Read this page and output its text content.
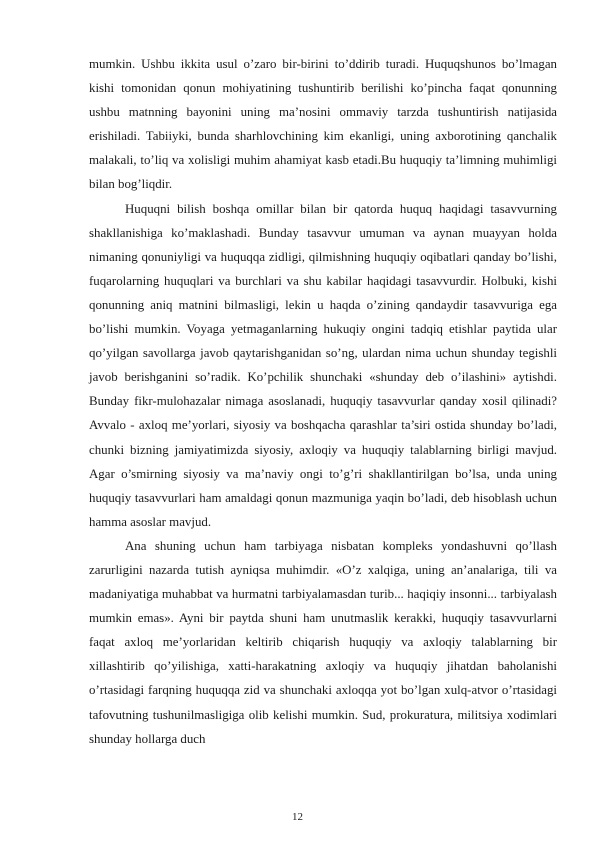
mumkin. Ushbu ikkita usul o’zaro bir-birini to’ddirib turadi. Huquqshunos bo’lmagan kishi tomonidan qonun mohiyatining tushuntirib berilishi ko’pincha faqat qonunning ushbu matnning bayonini uning ma’nosini ommaviy tarzda tushuntirish natijasida erishiladi. Tabiiyki, bunda sharhlovchining kim ekanligi, uning axborotining qanchalik malakali, to’liq va xolisligi muhim ahamiyat kasb etadi.Bu huquqiy ta’limning muhimligi bilan bog’liqdir.

Huquqni bilish boshqa omillar bilan bir qatorda huquq haqidagi tasavvurning shakllanishiga ko’maklashadi. Bunday tasavvur umuman va aynan muayyan holda nimaning qonuniyligi va huquqqa zidligi, qilmishning huquqiy oqibatlari qanday bo’lishi, fuqarolarning huquqlari va burchlari va shu kabilar haqidagi tasavvurdir. Holbuki, kishi qonunning aniq matnini bilmasligi, lekin u haqda o’zining qandaydir tasavvuriga ega bo’lishi mumkin. Voyaga yetmaganlarning hukuqiy ongini tadqiq etishlar paytida ular qo’yilgan savollarga javob qaytarishganidan so’ng, ulardan nima uchun shunday tegishli javob berishganini so’radik. Ko’pchilik shunchaki «shunday deb o’ilashini» aytishdi. Bunday fikr-mulohazalar nimaga asoslanadi, huquqiy tasavvurlar qanday xosil qilinadi? Avvalo - axloq me’yorlari, siyosiy va boshqacha qarashlar ta’siri ostida shunday bo’ladi, chunki bizning jamiyatimizda siyosiy, axloqiy va huquqiy talablarning birligi mavjud. Agar o’smirning siyosiy va ma’naviy ongi to’g’ri shakllantirilgan bo’lsa, unda uning huquqiy tasavvurlari ham amaldagi qonun mazmuniga yaqin bo’ladi, deb hisoblash uchun hamma asoslar mavjud.

Ana shuning uchun ham tarbiyaga nisbatan kompleks yondashuvni qo’llash zarurligini nazarda tutish ayniqsa muhimdir. «O’z xalqiga, uning an’analariga, tili va madaniyatiga muhabbat va hurmatni tarbiyalamasdan turib... haqiqiy insonni... tarbiyalash mumkin emas». Ayni bir paytda shuni ham unutmaslik kerakki, huquqiy tasavvurlarni faqat axloq me’yorlaridan keltirib chiqarish huquqiy va axloqiy talablarning bir xillashtirib qo’yilishiga, xatti-harakatning axloqiy va huquqiy jihatdan baholanishi o’rtasidagi farqning huquqqa zid va shunchaki axloqqa yot bo’lgan xulq-atvor o’rtasidagi tafovutning tushunilmasligiga olib kelishi mumkin. Sud, prokuratura, militsiya xodimlari shunday hollarga duch

12
